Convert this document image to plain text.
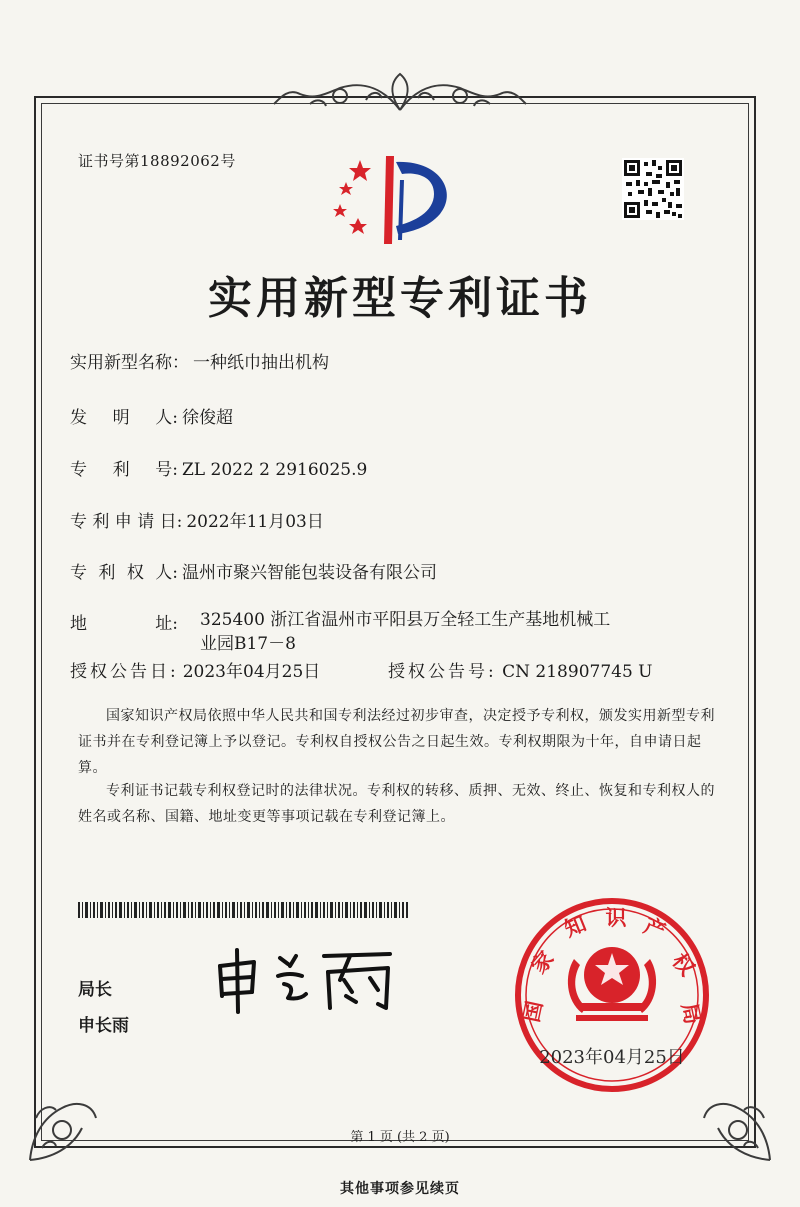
证书号第18892062号
实用新型专利证书
实用新型名称： 一种纸巾抽出机构
发 明 人: 徐俊超
专 利 号: ZL 2022 2 2916025.9
专 利 申 请 日: 2022年11月03日
专 利 权 人: 温州市聚兴智能包装设备有限公司
地	址: 325400 浙江省温州市平阳县万全轻工生产基地机械工
业园B17－8
授权公告日: 2023年04月25日	授权公告号: CN 218907745 U
国家知识产权局依照中华人民共和国专利法经过初步审查，决定授予专利权，颁发实用新型专利证书并在专利登记簿上予以登记。专利权自授权公告之日起生效。专利权期限为十年，自申请日起算。
专利证书记载专利权登记时的法律状况。专利权的转移、质押、无效、终止、恢复和专利权人的姓名或名称、国籍、地址变更等事项记载在专利登记簿上。
局长
申长雨
国
家
知 识 产
权
局
2023年04月25日
第 1 页 (共 2 页)
其他事项参见续页
